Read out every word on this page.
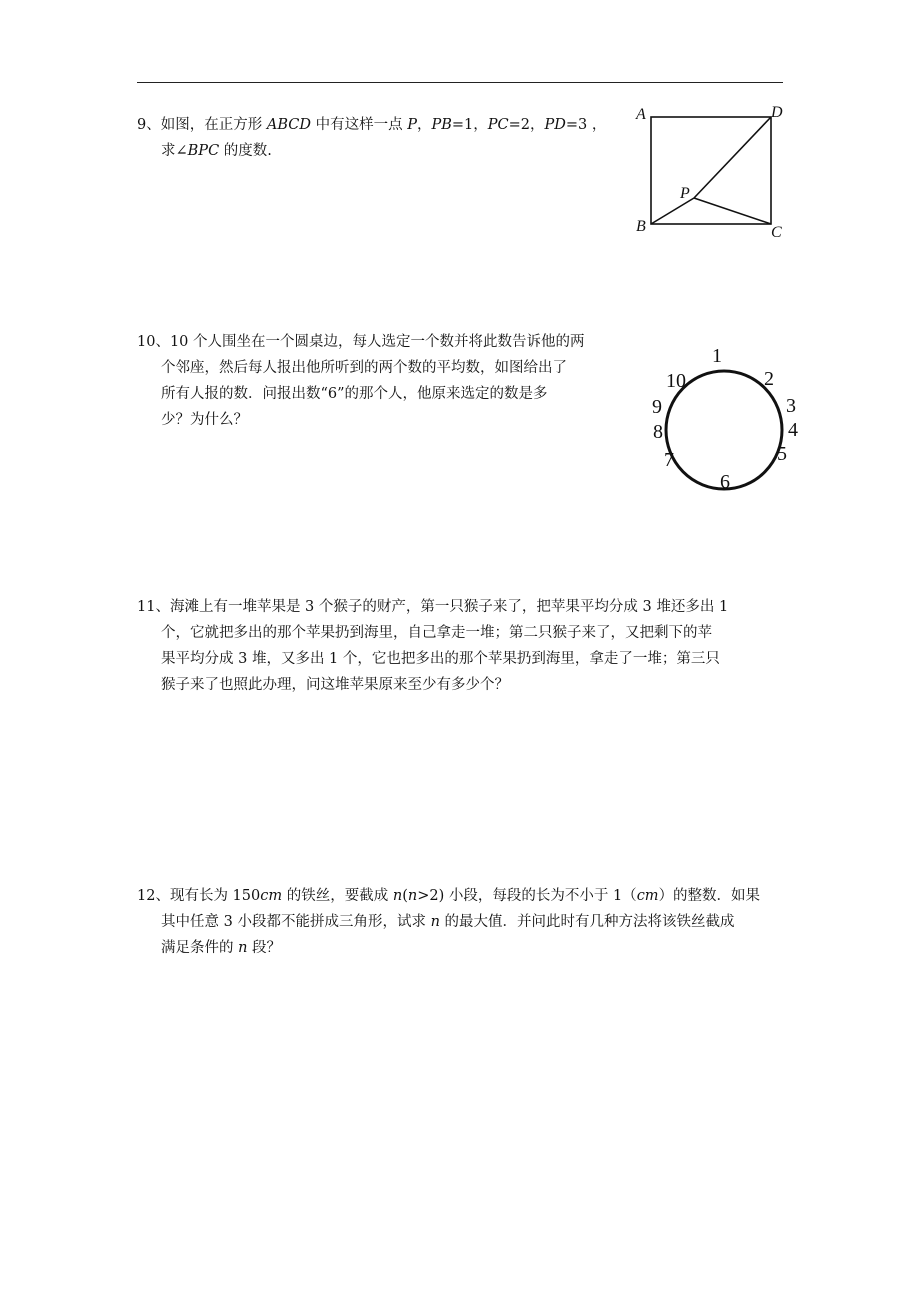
9、如图，在正方形 ABCD 中有这样一点 P，PB=1，PC=2，PD=3 ，
求∠BPC 的度数.
A	D
B	C
P
10、10 个人围坐在一个圆桌边，每人选定一个数并将此数告诉他的两
个邻座，然后每人报出他所听到的两个数的平均数，如图给出了
所有人报的数．问报出数“6”的那个人，他原来选定的数是多
少？为什么？
1
2
3
4
5
6
7
8
9
10
11、海滩上有一堆苹果是 3 个猴子的财产，第一只猴子来了，把苹果平均分成 3 堆还多出 1
个，它就把多出的那个苹果扔到海里，自己拿走一堆；第二只猴子来了，又把剩下的苹
果平均分成 3 堆，又多出 1 个，它也把多出的那个苹果扔到海里，拿走了一堆；第三只
猴子来了也照此办理，问这堆苹果原来至少有多少个？
12、现有长为 150cm 的铁丝，要截成 n(n>2) 小段，每段的长为不小于 1（cm）的整数．如果
其中任意 3 小段都不能拼成三角形，试求 n 的最大值．并问此时有几种方法将该铁丝截成
满足条件的 n 段？
